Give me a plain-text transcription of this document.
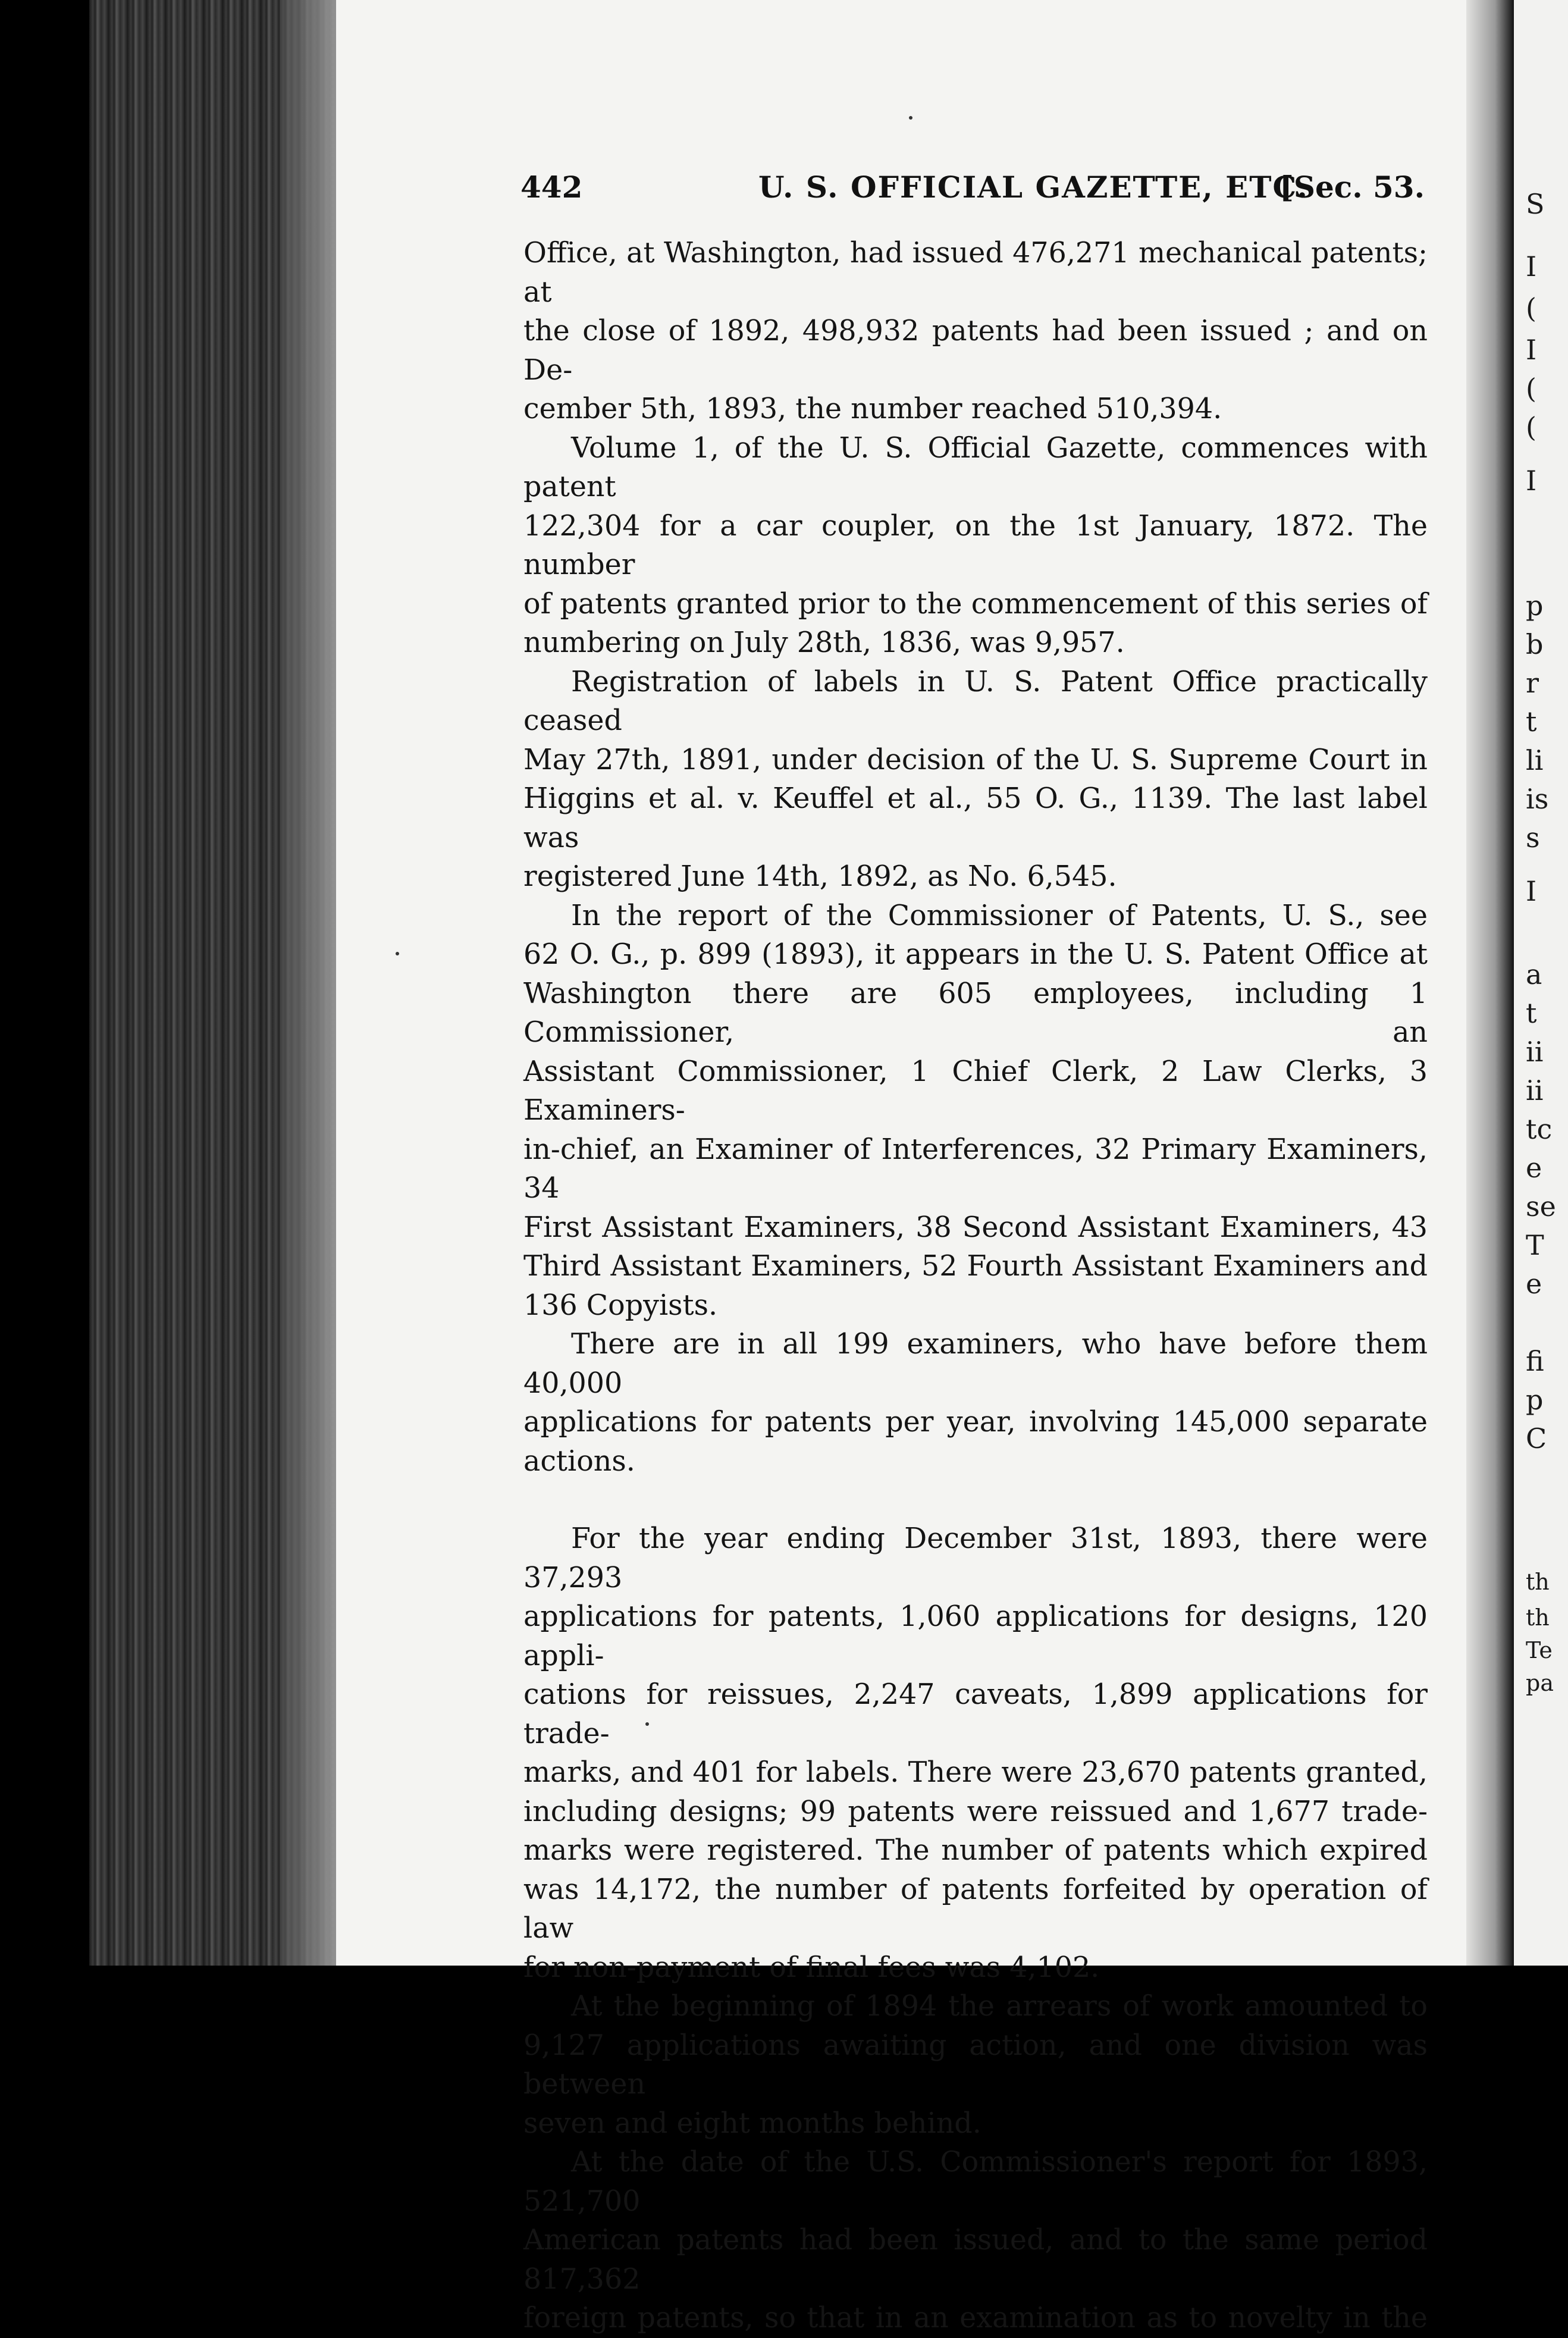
S
I
(
I
(
(
I
p
b
r
t
li
is
s
I
a
t
ii
ii
tc
e
se
T
e
fi
p
C
th
th
Te
pa
442	U. S. OFFICIAL GAZETTE, ETC.
[Sec. 53.

Office, at Washington, had issued 476,271 mechanical patents; at
the close of 1892, 498,932 patents had been issued ; and on De-
cember 5th, 1893, the number reached 510,394.

Volume 1, of the U. S. Official Gazette, commences with patent
122,304 for a car coupler, on the 1st January, 1872. The number
of patents granted prior to the commencement of this series of
numbering on July 28th, 1836, was 9,957.

Registration of labels in U. S. Patent Office practically ceased
May 27th, 1891, under decision of the U. S. Supreme Court in
Higgins et al. v. Keuffel et al., 55 O. G., 1139. The last label was
registered June 14th, 1892, as No. 6,545.

In the report of the Commissioner of Patents, U. S., see
62 O. G., p. 899 (1893), it appears in the U. S. Patent Office at
Washington there are 605 employees, including 1 Commissioner, an
Assistant Commissioner, 1 Chief Clerk, 2 Law Clerks, 3 Examiners-
in-chief, an Examiner of Interferences, 32 Primary Examiners, 34
First Assistant Examiners, 38 Second Assistant Examiners, 43
Third Assistant Examiners, 52 Fourth Assistant Examiners and
136 Copyists.

There are in all 199 examiners, who have before them 40,000
applications for patents per year, involving 145,000 separate
actions.

For the year ending December 31st, 1893, there were 37,293
applications for patents, 1,060 applications for designs, 120 appli-
cations for reissues, 2,247 caveats, 1,899 applications for trade-
marks, and 401 for labels. There were 23,670 patents granted,
including designs; 99 patents were reissued and 1,677 trade-
marks were registered. The number of patents which expired
was 14,172, the number of patents forfeited by operation of law
for non-payment of final fees was 4,102.

At the beginning of 1894 the arrears of work amounted to
9,127 applications awaiting action, and one division was between
seven and eight months behind.

At the date of the U.S. Commissioner's report for 1893, 521,700
American patents had been issued, and to the same period 817,362
foreign patents, so that in an examination as to novelty in the
